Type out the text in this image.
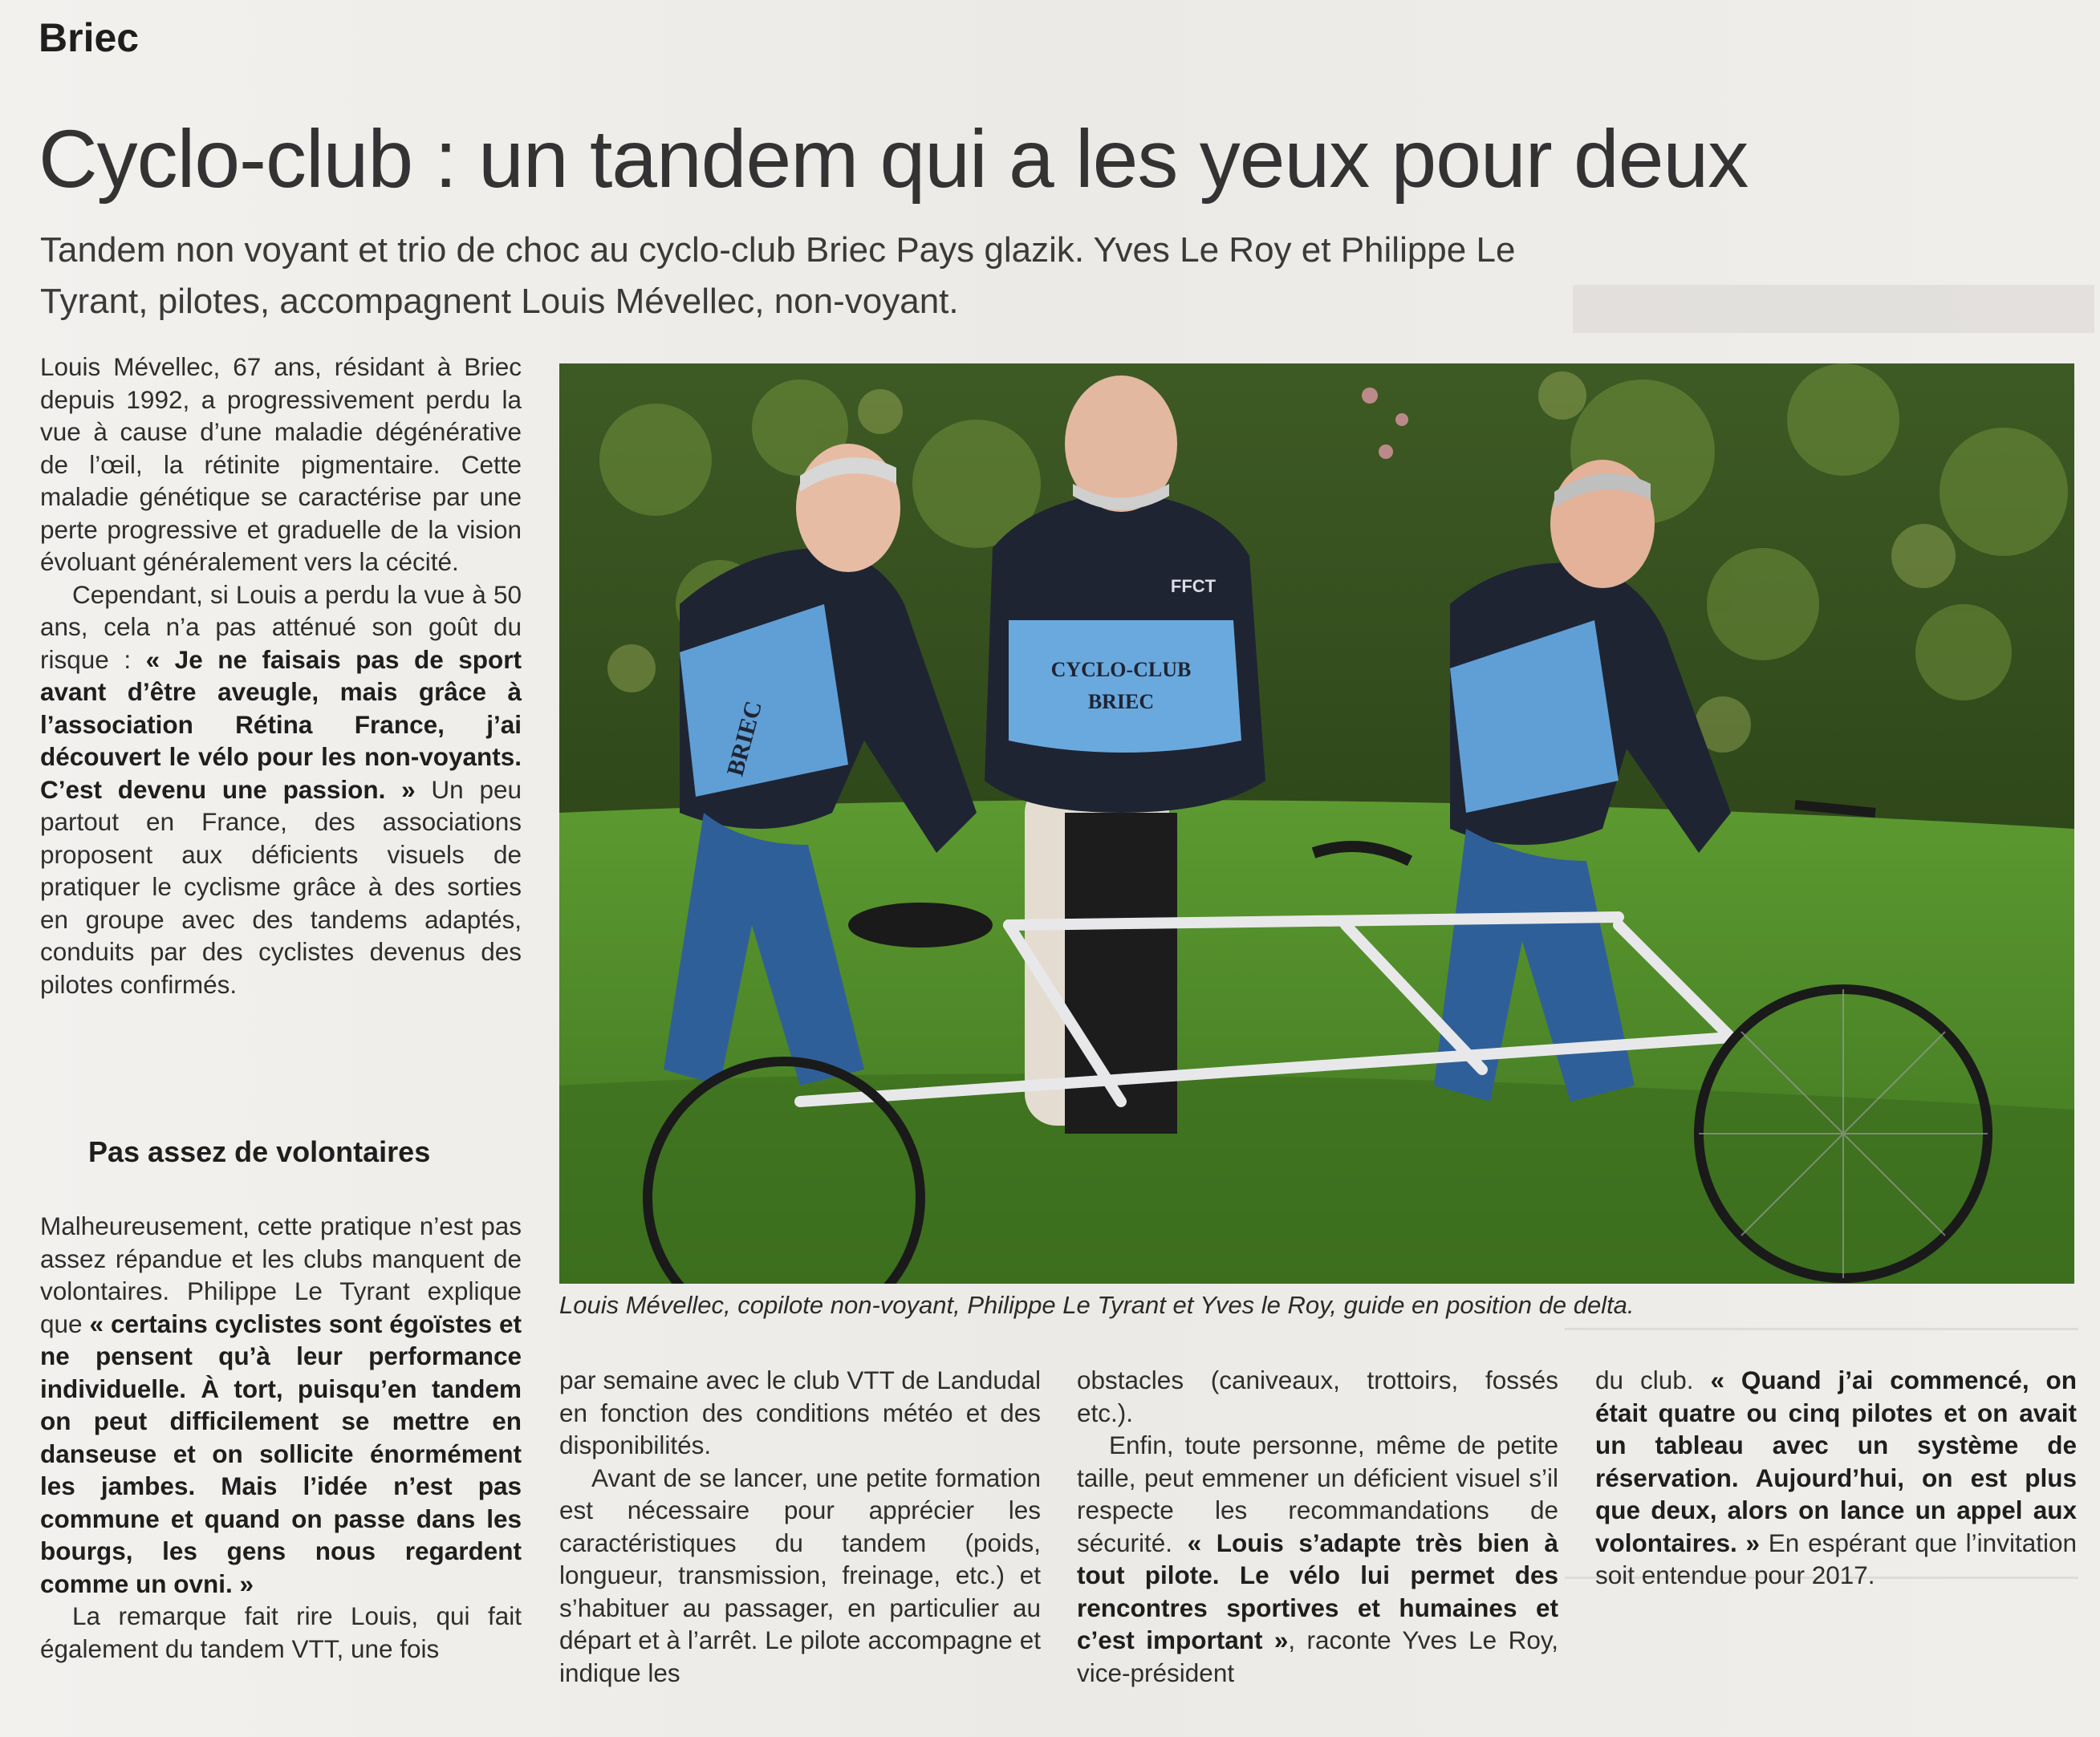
Briec
Cyclo-club : un tandem qui a les yeux pour deux
Tandem non voyant et trio de choc au cyclo-club Briec Pays glazik. Yves Le Roy et Philippe Le Tyrant, pilotes, accompagnent Louis Mévellec, non-voyant.

Louis Mévellec, 67 ans, résidant à Briec depuis 1992, a progressivement perdu la vue à cause d’une maladie dégénérative de l’œil, la rétinite pigmentaire. Cette maladie génétique se caractérise par une perte progressive et graduelle de la vision évoluant généralement vers la cécité.

Cependant, si Louis a perdu la vue à 50 ans, cela n’a pas atténué son goût du risque : « Je ne faisais pas de sport avant d’être aveugle, mais grâce à l’association Rétina France, j’ai découvert le vélo pour les non-voyants. C’est devenu une passion. » Un peu partout en France, des associations proposent aux déficients visuels de pratiquer le cyclisme grâce à des sorties en groupe avec des tandems adaptés, conduits par des cyclistes devenus des pilotes confirmés.

Pas assez de volontaires

Malheureusement, cette pratique n’est pas assez répandue et les clubs manquent de volontaires. Philippe Le Tyrant explique que « certains cyclistes sont égoïstes et ne pensent qu’à leur performance individuelle. À tort, puisqu’en tandem on peut difficilement se mettre en danseuse et on sollicite énormément les jambes. Mais l’idée n’est pas commune et quand on passe dans les bourgs, les gens nous regardent comme un ovni. »

La remarque fait rire Louis, qui fait également du tandem VTT, une fois

CYCLO-CLUB
BRIEC
FFCT
BRIEC
Louis Mévellec, copilote non-voyant, Philippe Le Tyrant et Yves le Roy, guide en position de delta.

par semaine avec le club VTT de Landudal en fonction des conditions météo et des disponibilités.

Avant de se lancer, une petite formation est nécessaire pour apprécier les caractéristiques du tandem (poids, longueur, transmission, freinage, etc.) et s’habituer au passager, en particulier au départ et à l’arrêt. Le pilote accompagne et indique les

obstacles (caniveaux, trottoirs, fossés etc.).

Enfin, toute personne, même de petite taille, peut emmener un déficient visuel s’il respecte les recommandations de sécurité. « Louis s’adapte très bien à tout pilote. Le vélo lui permet des rencontres sportives et humaines et c’est important », raconte Yves Le Roy, vice-président

du club. « Quand j’ai commencé, on était quatre ou cinq pilotes et on avait un tableau avec un système de réservation. Aujourd’hui, on est plus que deux, alors on lance un appel aux volontaires. » En espérant que l’invitation soit entendue pour 2017.
